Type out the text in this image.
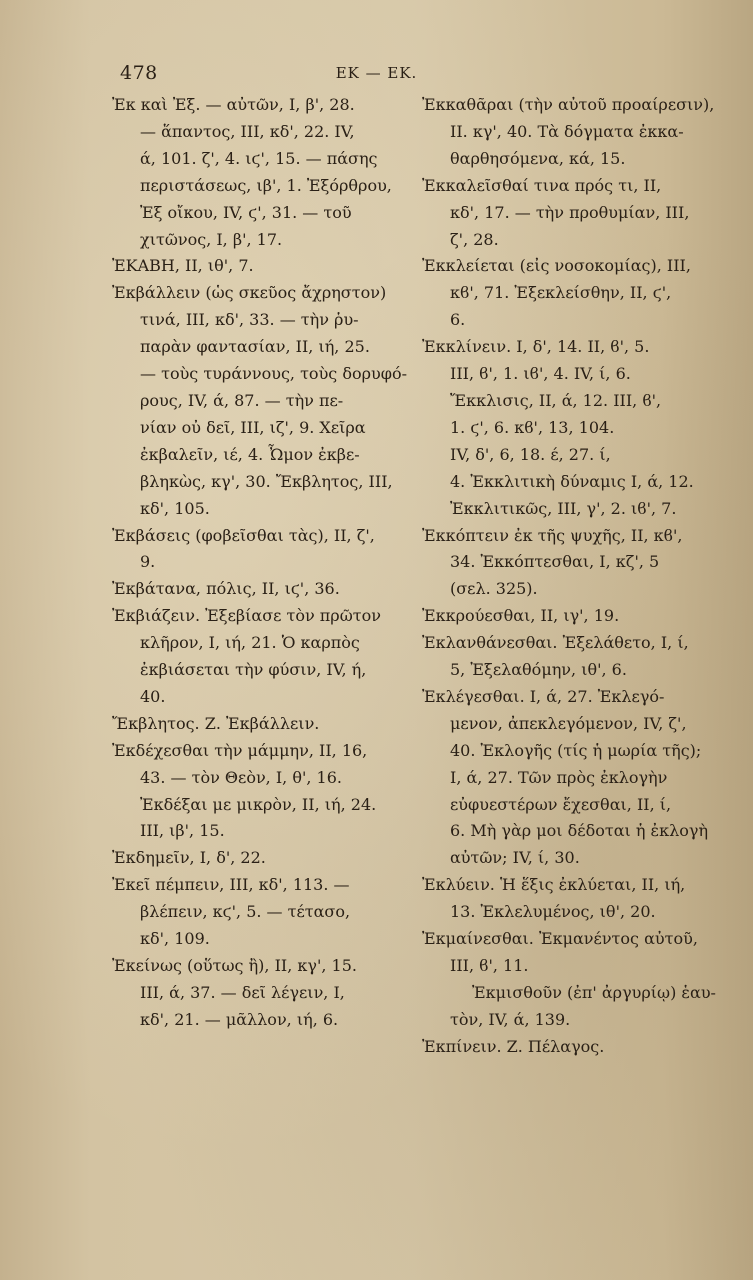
478	ΕΚ — ΕΚ.
Ἐκ καὶ Ἐξ. — αὐτῶν, Ι, β', 28.
— ἅπαντος, III, κδ', 22. IV,
ά, 101. ζ', 4. ιϛ', 15. — πάσης
περιστάσεως, ιβ', 1. Ἐξόρθρου,
Ἐξ οἴκου, IV, ϛ', 31. — τοῦ
χιτῶνος, Ι, β', 17.
ἘΚΑΒΗ, ΙΙ, ιθ', 7.
Ἐκβάλλειν (ὡς σκεῦος ἄχρηστον)
τινά, III, κδ', 33. — τὴν ῥυ-
παρὰν φαντασίαν, II, ιή, 25.
— τοὺς τυράννους, τοὺς δορυφό-
ρους, IV, ά, 87. — τὴν πε-
νίαν οὐ δεῖ, III, ιζ', 9. Χεῖρα
ἐκβαλεῖν, ιέ, 4. Ὦμον ἐκβε-
βληκὼς, κγ', 30. Ἔκβλητος, III,
κδ', 105.
Ἐκβάσεις (φοβεῖσθαι τὰς), II, ζ',
9.
Ἐκβάτανα, πόλις, II, ιϛ', 36.
Ἐκβιάζειν. Ἐξεβίασε τὸν πρῶτον
κλῆρον, I, ιή, 21. Ὁ καρπὸς
ἐκβιάσεται τὴν φύσιν, IV, ή,
40.
Ἔκβλητος. Ζ. Ἐκβάλλειν.
Ἐκδέχεσθαι τὴν μάμμην, II, 16,
43. — τὸν Θεὸν, I, θ', 16.
Ἐκδέξαι με μικρὸν, II, ιή, 24.
III, ιβ', 15.
Ἐκδημεῖν, I, δ', 22.
Ἐκεῖ πέμπειν, III, κδ', 113. —
βλέπειν, κϛ', 5. — τέτασο,
κδ', 109.
Ἐκείνως (οὕτως ἢ), II, κγ', 15.
III, ά, 37. — δεῖ λέγειν, I,
κδ', 21. — μᾶλλον, ιή, 6.
Ἐκκαθᾶραι (τὴν αὐτοῦ προαίρεσιν),
II. κγ', 40. Τὰ δόγματα ἐκκα-
θαρθησόμενα, κά, 15.
Ἐκκαλεῖσθαί τινα πρός τι, II,
κδ', 17. — τὴν προθυμίαν, III,
ζ', 28.
Ἐκκλείεται (εἰς νοσοκομίας), III,
κϐ', 71. Ἐξεκλείσθην, II, ϛ',
6.
Ἐκκλίνειν. I, δ', 14. II, ϐ', 5.
III, ϐ', 1. ιϐ', 4. IV, ί, 6.
Ἔκκλισις, II, ά, 12. III, ϐ',
1. ϛ', 6. κϐ', 13, 104.
IV, δ', 6, 18. έ, 27. ί,
4. Ἐκκλιτικὴ δύναμις I, ά, 12.
Ἐκκλιτικῶς, III, γ', 2. ιϐ', 7.
Ἐκκόπτειν ἐκ τῆς ψυχῆς, II, κϐ',
34. Ἐκκόπτεσθαι, I, κζ', 5
(σελ. 325).
Ἐκκρούεσθαι, II, ιγ', 19.
Ἐκλανθάνεσθαι. Ἐξελάθετο, I, ί,
5, Ἐξελαθόμην, ιθ', 6.
Ἐκλέγεσθαι. I, ά, 27. Ἐκλεγό-
μενον, ἀπεκλεγόμενον, IV, ζ',
40. Ἐκλογῆς (τίς ἡ μωρία τῆς);
I, ά, 27. Τῶν πρὸς ἐκλογὴν
εὐφυεστέρων ἔχεσθαι, II, ί,
6. Μὴ γὰρ μοι δέδοται ἡ ἐκλογὴ
αὐτῶν; IV, ί, 30.
Ἐκλύειν. Ἡ ἕξις ἐκλύεται, II, ιή,
13. Ἐκλελυμένος, ιθ', 20.
Ἐκμαίνεσθαι. Ἐκμανέντος αὐτοῦ,
III, ϐ', 11.
Ἐκμισθοῦν (ἐπ' ἀργυρίῳ) ἑαυ-
τὸν, IV, ά, 139.
Ἐκπίνειν. Ζ. Πέλαγος.
